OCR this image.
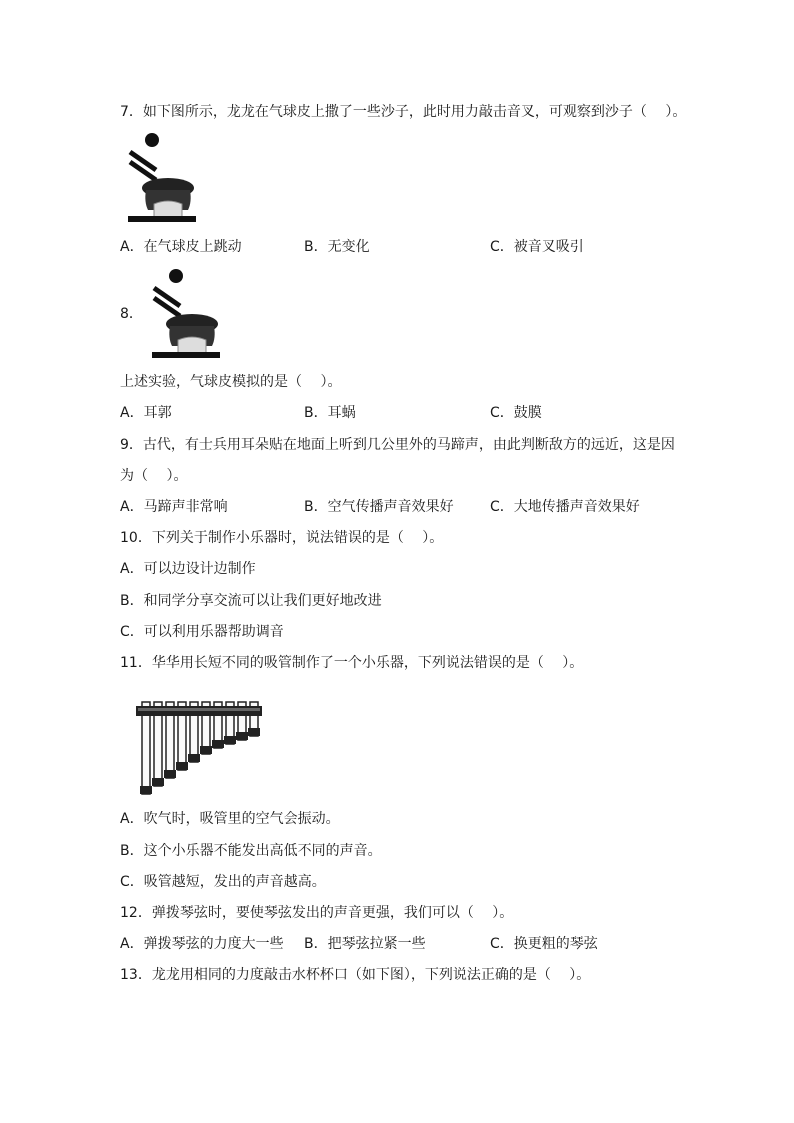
7．如下图所示，龙龙在气球皮上撒了一些沙子，此时用力敲击音叉，可观察到沙子（　 ）。
A．在气球皮上跳动	B．无变化	C．被音叉吸引
8．
上述实验，气球皮模拟的是（　 ）。
A．耳郭	B．耳蜗	C．鼓膜
9．古代，有士兵用耳朵贴在地面上听到几公里外的马蹄声，由此判断敌方的远近，这是因
为（　 ）。
A．马蹄声非常响	B．空气传播声音效果好	C．大地传播声音效果好
10．下列关于制作小乐器时，说法错误的是（　 ）。
A．可以边设计边制作
B．和同学分享交流可以让我们更好地改进
C．可以利用乐器帮助调音
11．华华用长短不同的吸管制作了一个小乐器，下列说法错误的是（　 ）。
A．吹气时，吸管里的空气会振动。
B．这个小乐器不能发出高低不同的声音。
C．吸管越短，发出的声音越高。
12．弹拨琴弦时，要使琴弦发出的声音更强，我们可以（　 ）。
A．弹拨琴弦的力度大一些 B．把琴弦拉紧一些	C．换更粗的琴弦
13．龙龙用相同的力度敲击水杯杯口（如下图），下列说法正确的是（　 ）。
